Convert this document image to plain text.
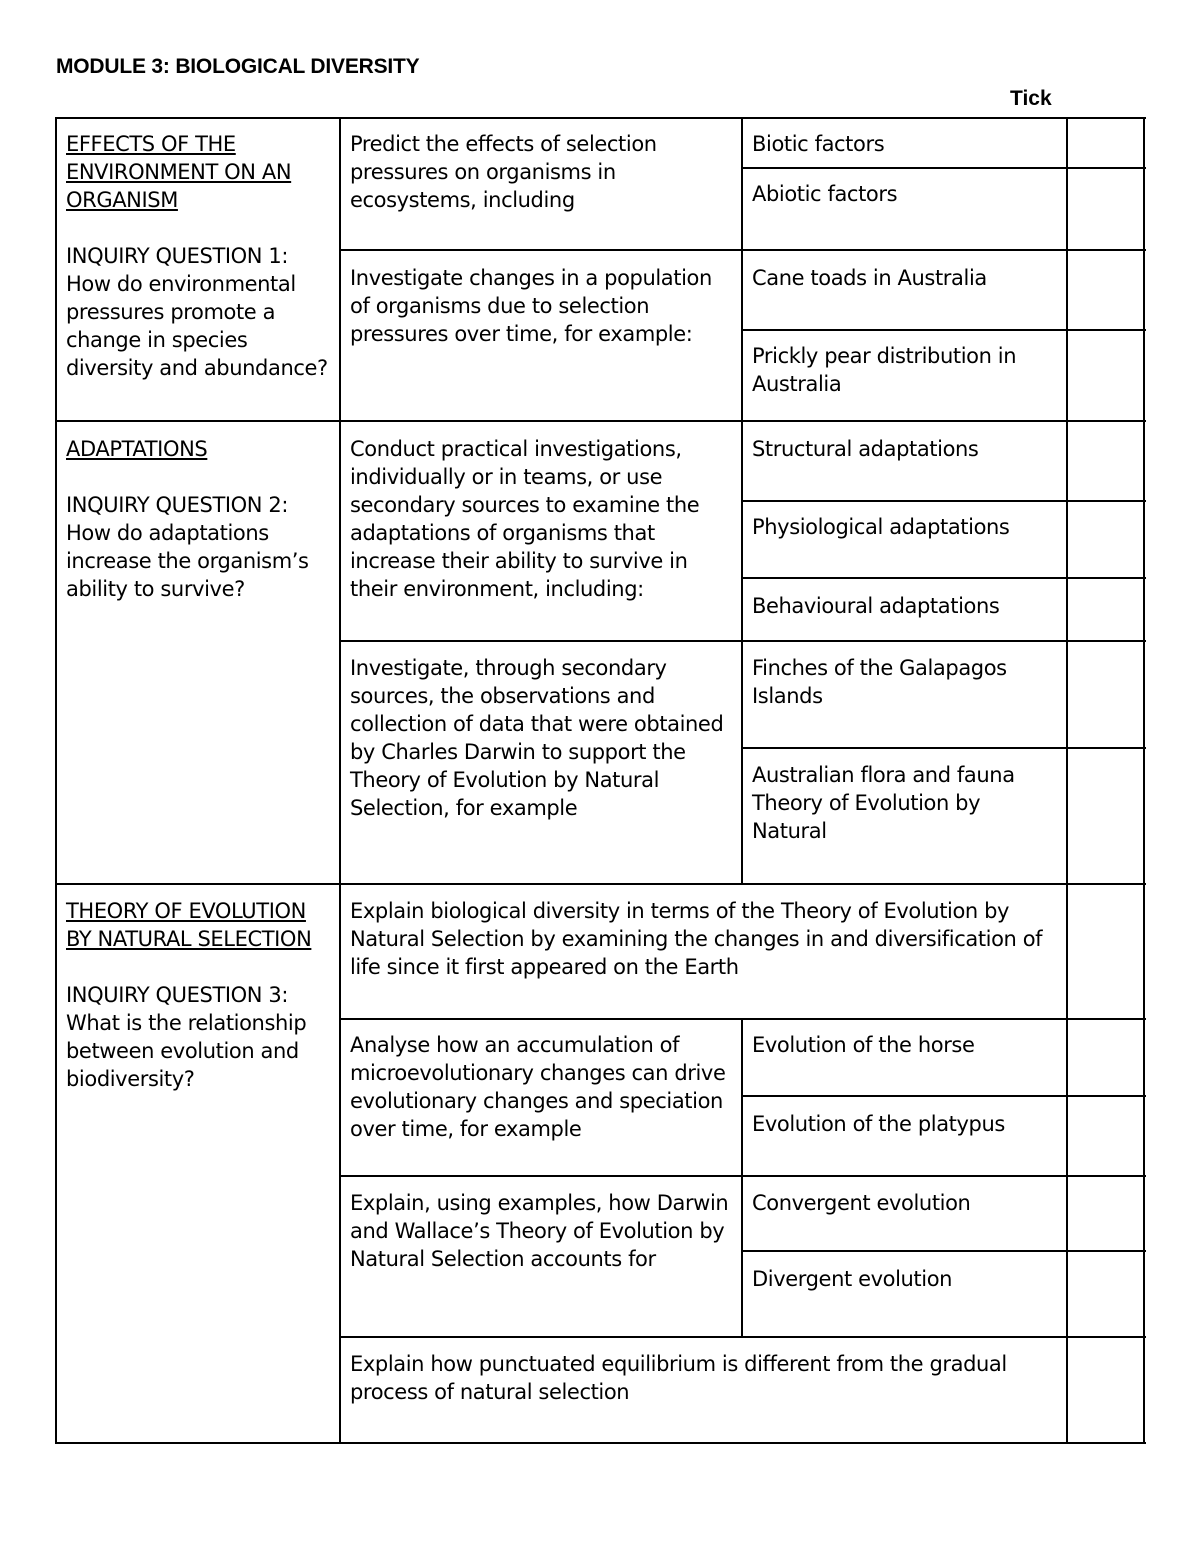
MODULE 3: BIOLOGICAL DIVERSITY
Tick
EFFECTS OF THE ENVIRONMENT ON AN ORGANISM
INQUIRY QUESTION 1:
How do environmental pressures promote a change in species diversity and abundance?
Predict the effects of selection pressures on organisms in ecosystems, including
Biotic factors
Abiotic factors
Investigate changes in a population of organisms due to selection pressures over time, for example:
Cane toads in Australia
Prickly pear distribution in Australia
ADAPTATIONS
INQUIRY QUESTION 2:
How do adaptations increase the organism’s ability to survive?
Conduct practical investigations, individually or in teams, or use secondary sources to examine the adaptations of organisms that increase their ability to survive in their environment, including:
Structural adaptations
Physiological adaptations
Behavioural adaptations
Investigate, through secondary sources, the observations and collection of data that were obtained by Charles Darwin to support the Theory of Evolution by Natural Selection, for example
Finches of the Galapagos Islands
Australian flora and fauna Theory of Evolution by Natural
THEORY OF EVOLUTION BY NATURAL SELECTION
INQUIRY QUESTION 3:
What is the relationship between evolution and biodiversity?
Explain biological diversity in terms of the Theory of Evolution by Natural Selection by examining the changes in and diversification of life since it first appeared on the Earth
Analyse how an accumulation of microevolutionary changes can drive evolutionary changes and speciation over time, for example
Evolution of the horse
Evolution of the platypus
Explain, using examples, how Darwin and Wallace’s Theory of Evolution by Natural Selection accounts for
Convergent evolution
Divergent evolution
Explain how punctuated equilibrium is different from the gradual process of natural selection
